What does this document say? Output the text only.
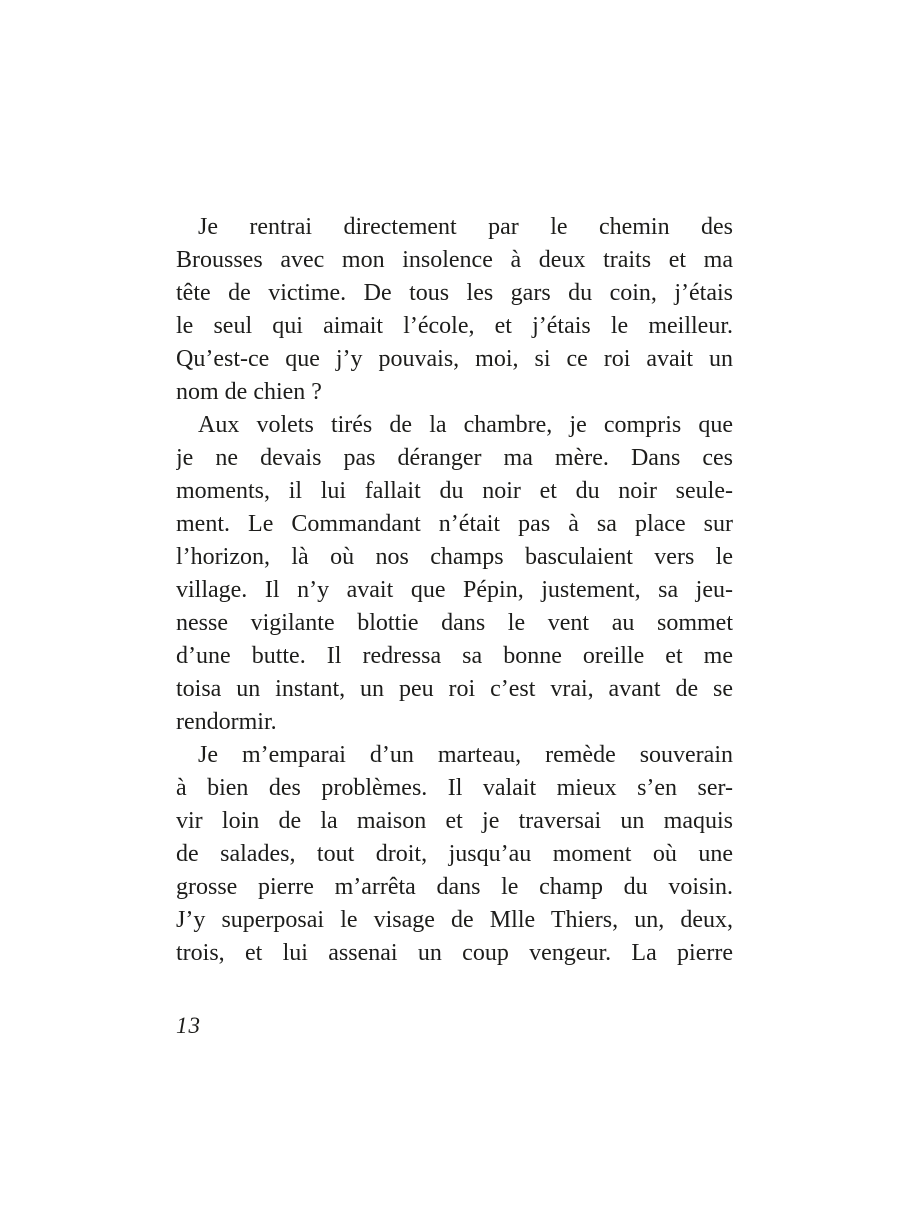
Je rentrai directement par le chemin des
Brousses avec mon insolence à deux traits et ma
tête de victime. De tous les gars du coin, j’étais
le seul qui aimait l’école, et j’étais le meilleur.
Qu’est-ce que j’y pouvais, moi, si ce roi avait un
nom de chien ?
Aux volets tirés de la chambre, je compris que
je ne devais pas déranger ma mère. Dans ces
moments, il lui fallait du noir et du noir seule-
ment. Le Commandant n’était pas à sa place sur
l’horizon, là où nos champs basculaient vers le
village. Il n’y avait que Pépin, justement, sa jeu-
nesse vigilante blottie dans le vent au sommet
d’une butte. Il redressa sa bonne oreille et me
toisa un instant, un peu roi c’est vrai, avant de se
rendormir.
Je m’emparai d’un marteau, remède souverain
à bien des problèmes. Il valait mieux s’en ser-
vir loin de la maison et je traversai un maquis
de salades, tout droit, jusqu’au moment où une
grosse pierre m’arrêta dans le champ du voisin.
J’y superposai le visage de Mlle Thiers, un, deux,
trois, et lui assenai un coup vengeur. La pierre
13
